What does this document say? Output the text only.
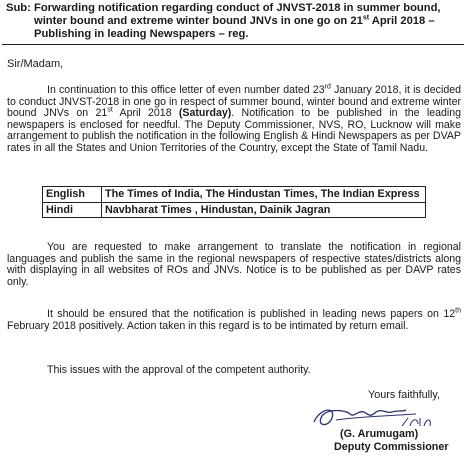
Sub: Forwarding notification regarding conduct of JNVST-2018 in summer bound, winter bound and extreme winter bound JNVs in one go on 21st April 2018 – Publishing in leading Newspapers – reg.
Sir/Madam,
In continuation to this office letter of even number dated 23rd January 2018, it is decided to conduct JNVST-2018 in one go in respect of summer bound, winter bound and extreme winter bound JNVs on 21st April 2018 (Saturday). Notification to be published in the leading newspapers is enclosed for needful. The Deputy Commissioner, NVS, RO, Lucknow will make arrangement to publish the notification in the following English & Hindi Newspapers as per DVAP rates in all the States and Union Territories of the Country, except the State of Tamil Nadu.
English	The Times of India, The Hindustan Times, The Indian Express
Hindi	Navbharat Times , Hindustan, Dainik Jagran
You are requested to make arrangement to translate the notification in regional languages and publish the same in the regional newspapers of respective states/districts along with displaying in all websites of ROs and JNVs. Notice is to be published as per DAVP rates only.
It should be ensured that the notification is published in leading news papers on 12th February 2018 positively. Action taken in this regard is to be intimated by return email.
This issues with the approval of the competent authority.
Yours faithfully,
(G. Arumugam)
Deputy Commissioner
